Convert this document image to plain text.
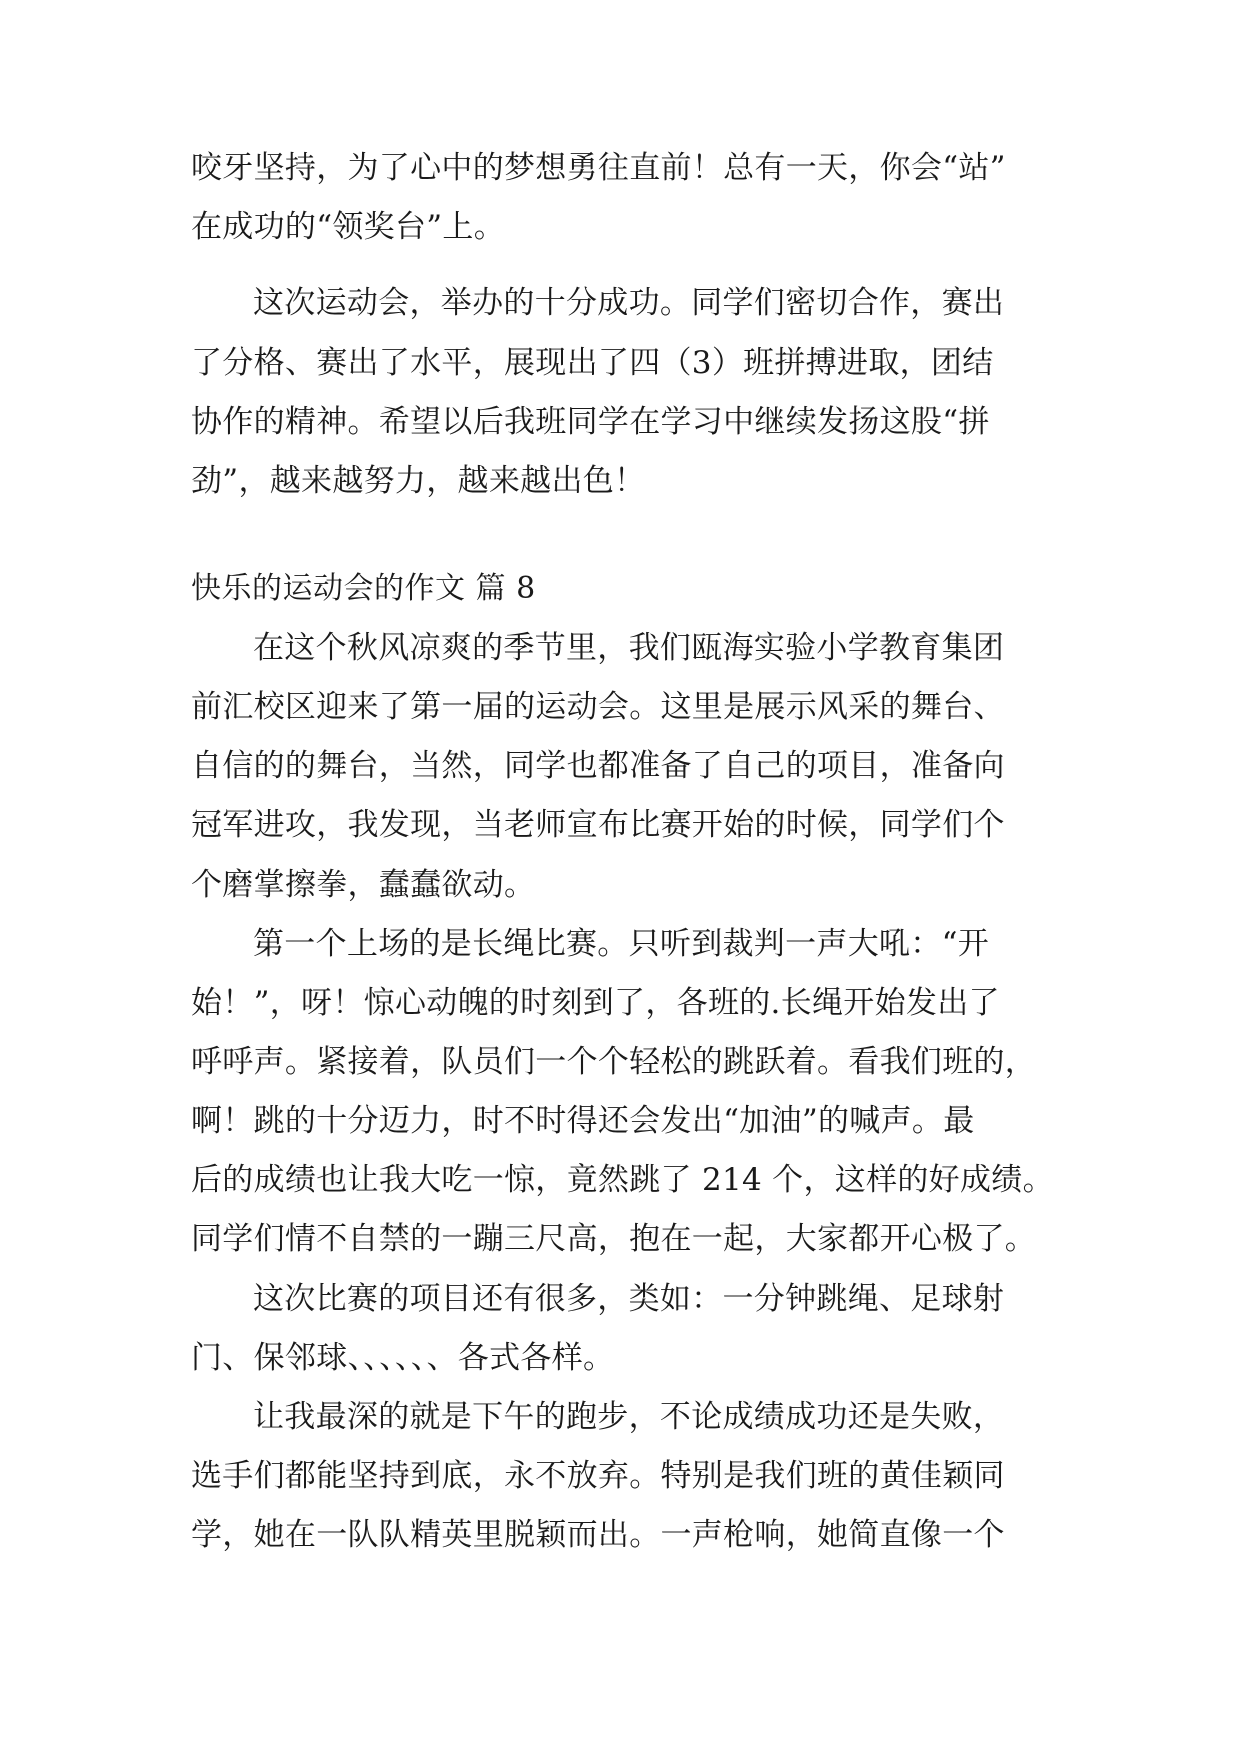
咬牙坚持，为了心中的梦想勇往直前！总有一天，你会“站”
在成功的“领奖台”上。
这次运动会，举办的十分成功。同学们密切合作，赛出
了分格、赛出了水平，展现出了四（3）班拼搏进取，团结
协作的精神。希望以后我班同学在学习中继续发扬这股“拼
劲”，越来越努力，越来越出色！
快乐的运动会的作文 篇 8
在这个秋风凉爽的季节里，我们瓯海实验小学教育集团
前汇校区迎来了第一届的运动会。这里是展示风采的舞台、
自信的的舞台，当然，同学也都准备了自己的项目，准备向
冠军进攻，我发现，当老师宣布比赛开始的时候，同学们个
个磨掌擦拳，蠢蠢欲动。
第一个上场的是长绳比赛。只听到裁判一声大吼：“开
始！”，呀！惊心动魄的时刻到了，各班的.长绳开始发出了
呼呼声。紧接着，队员们一个个轻松的跳跃着。看我们班的，
啊！跳的十分迈力，时不时得还会发出“加油”的喊声。最
后的成绩也让我大吃一惊，竟然跳了 214 个，这样的好成绩。
同学们情不自禁的一蹦三尺高，抱在一起，大家都开心极了。
这次比赛的项目还有很多，类如：一分钟跳绳、足球射
门、保邻球、、、、、、各式各样。
让我最深的就是下午的跑步，不论成绩成功还是失败，
选手们都能坚持到底，永不放弃。特别是我们班的黄佳颖同
学，她在一队队精英里脱颖而出。一声枪响，她简直像一个
